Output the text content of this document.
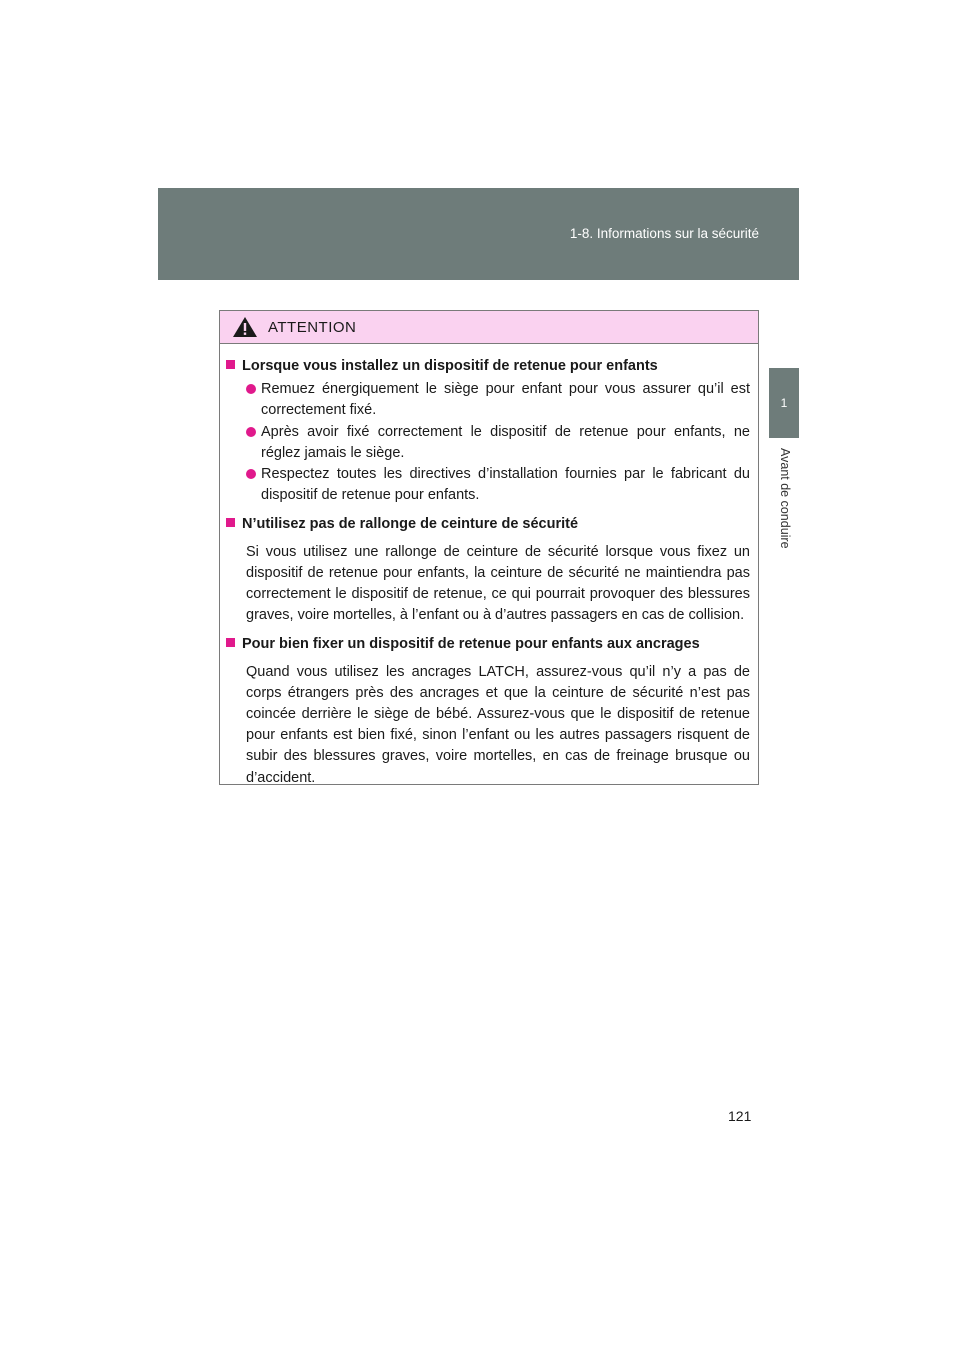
1-8. Informations sur la sécurité
1
Avant de conduire
ATTENTION
Lorsque vous installez un dispositif de retenue pour enfants
Remuez énergiquement le siège pour enfant pour vous assurer qu’il est correctement fixé.
Après avoir fixé correctement le dispositif de retenue pour enfants, ne réglez jamais le siège.
Respectez toutes les directives d’installation fournies par le fabricant du dispositif de retenue pour enfants.
N’utilisez pas de rallonge de ceinture de sécurité
Si vous utilisez une rallonge de ceinture de sécurité lorsque vous fixez un dispositif de retenue pour enfants, la ceinture de sécurité ne maintiendra pas correctement le dispositif de retenue, ce qui pourrait provoquer des blessures graves, voire mortelles, à l’enfant ou à d’autres passagers en cas de collision.
Pour bien fixer un dispositif de retenue pour enfants aux ancrages
Quand vous utilisez les ancrages LATCH, assurez-vous qu’il n’y a pas de corps étrangers près des ancrages et que la ceinture de sécurité n’est pas coincée derrière le siège de bébé. Assurez-vous que le dispositif de retenue pour enfants est bien fixé, sinon l’enfant ou les autres passagers risquent de subir des blessures graves, voire mortelles, en cas de freinage brusque ou d’accident.
121
